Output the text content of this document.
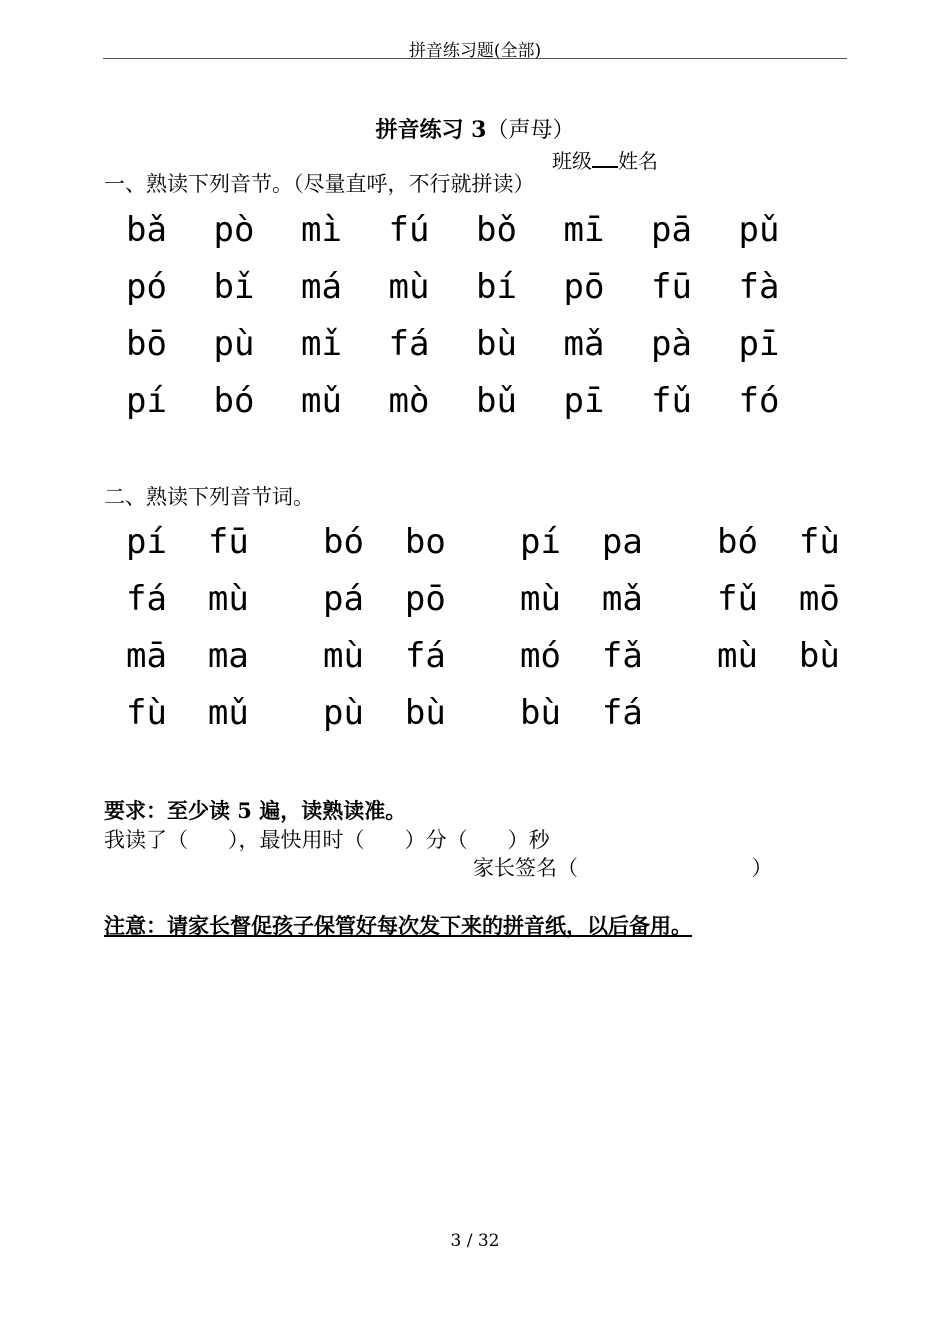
拼音练习题(全部)
拼音练习 3（声母）
班级 姓名
一、熟读下列音节。（尽量直呼，不行就拼读）
bǎ	pò	mì	fú	bǒ	mī	pā	pǔ
pó	bǐ	má	mù	bí	pō	fū	fà
bō	pù	mǐ	fá	bù	mǎ	pà	pī
pí	bó	mǔ	mò	bǔ	pī	fǔ	fó
二、熟读下列音节词。
pí  fū	bó  bo	pí  pa	bó  fù
fá  mù	pá  pō	mù  mǎ	fǔ  mō
mā  ma	mù  fá	mó  fǎ	mù  bù
fù  mǔ	pù  bù	bù  fá
要求：至少读 5 遍，读熟读准。
我读了（      ），最快用时（      ）分（      ）秒
家长签名（                          ）
注意：请家长督促孩子保管好每次发下来的拼音纸，以后备用。
3 / 32
